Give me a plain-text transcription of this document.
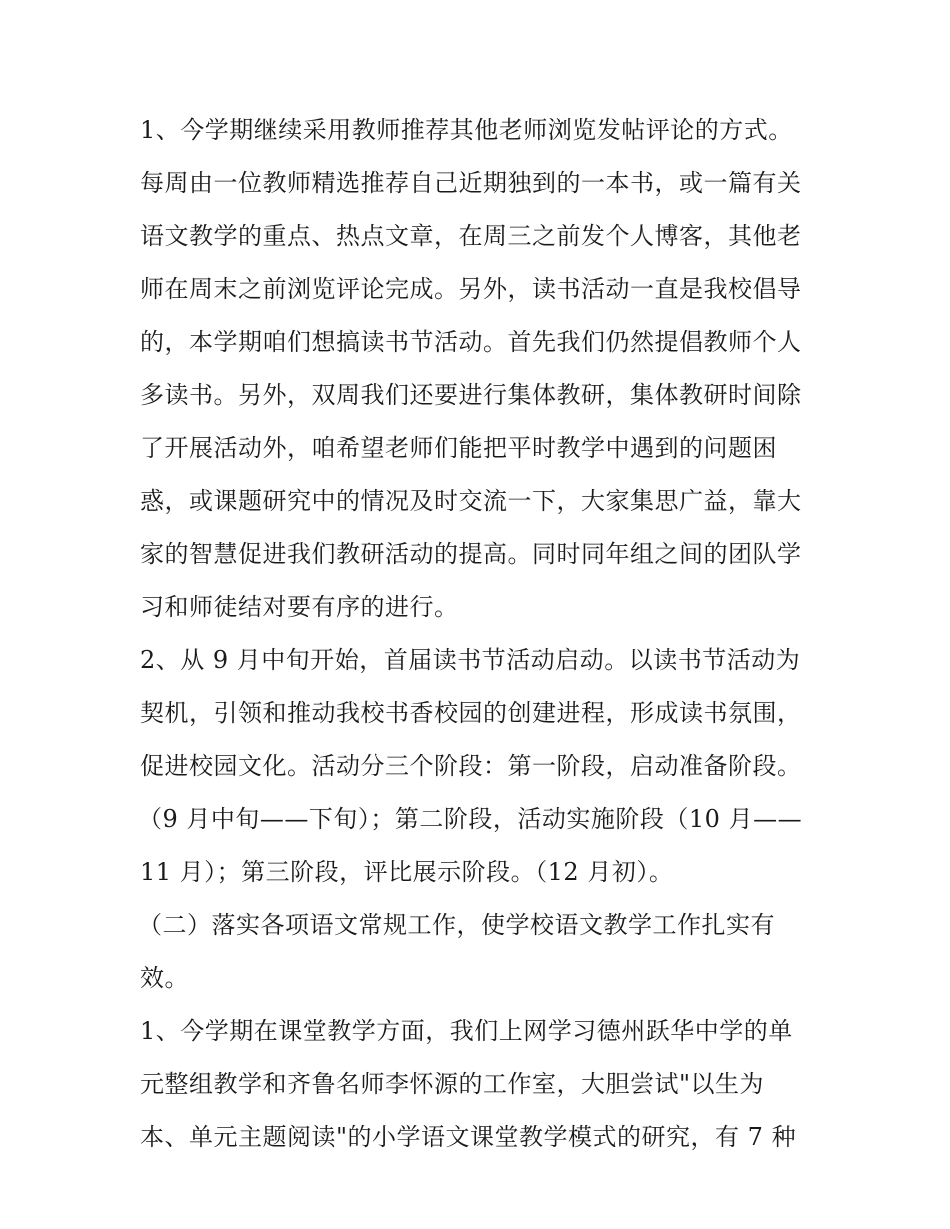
1、今学期继续采用教师推荐其他老师浏览发帖评论的方式。
每周由一位教师精选推荐自己近期独到的一本书，或一篇有关
语文教学的重点、热点文章，在周三之前发个人博客，其他老
师在周末之前浏览评论完成。另外，读书活动一直是我校倡导
的，本学期咱们想搞读书节活动。首先我们仍然提倡教师个人
多读书。另外，双周我们还要进行集体教研，集体教研时间除
了开展活动外，咱希望老师们能把平时教学中遇到的问题困
惑，或课题研究中的情况及时交流一下，大家集思广益，靠大
家的智慧促进我们教研活动的提高。同时同年组之间的团队学
习和师徒结对要有序的进行。
2、从 9 月中旬开始，首届读书节活动启动。以读书节活动为
契机，引领和推动我校书香校园的创建进程，形成读书氛围，
促进校园文化。活动分三个阶段：第一阶段，启动准备阶段。
（9 月中旬——下旬）；第二阶段，活动实施阶段（10 月——
11 月）；第三阶段，评比展示阶段。（12 月初）。
（二）落实各项语文常规工作，使学校语文教学工作扎实有
效。
1、今学期在课堂教学方面，我们上网学习德州跃华中学的单
元整组教学和齐鲁名师李怀源的工作室，大胆尝试"以生为
本、单元主题阅读"的小学语文课堂教学模式的研究，有 7 种
